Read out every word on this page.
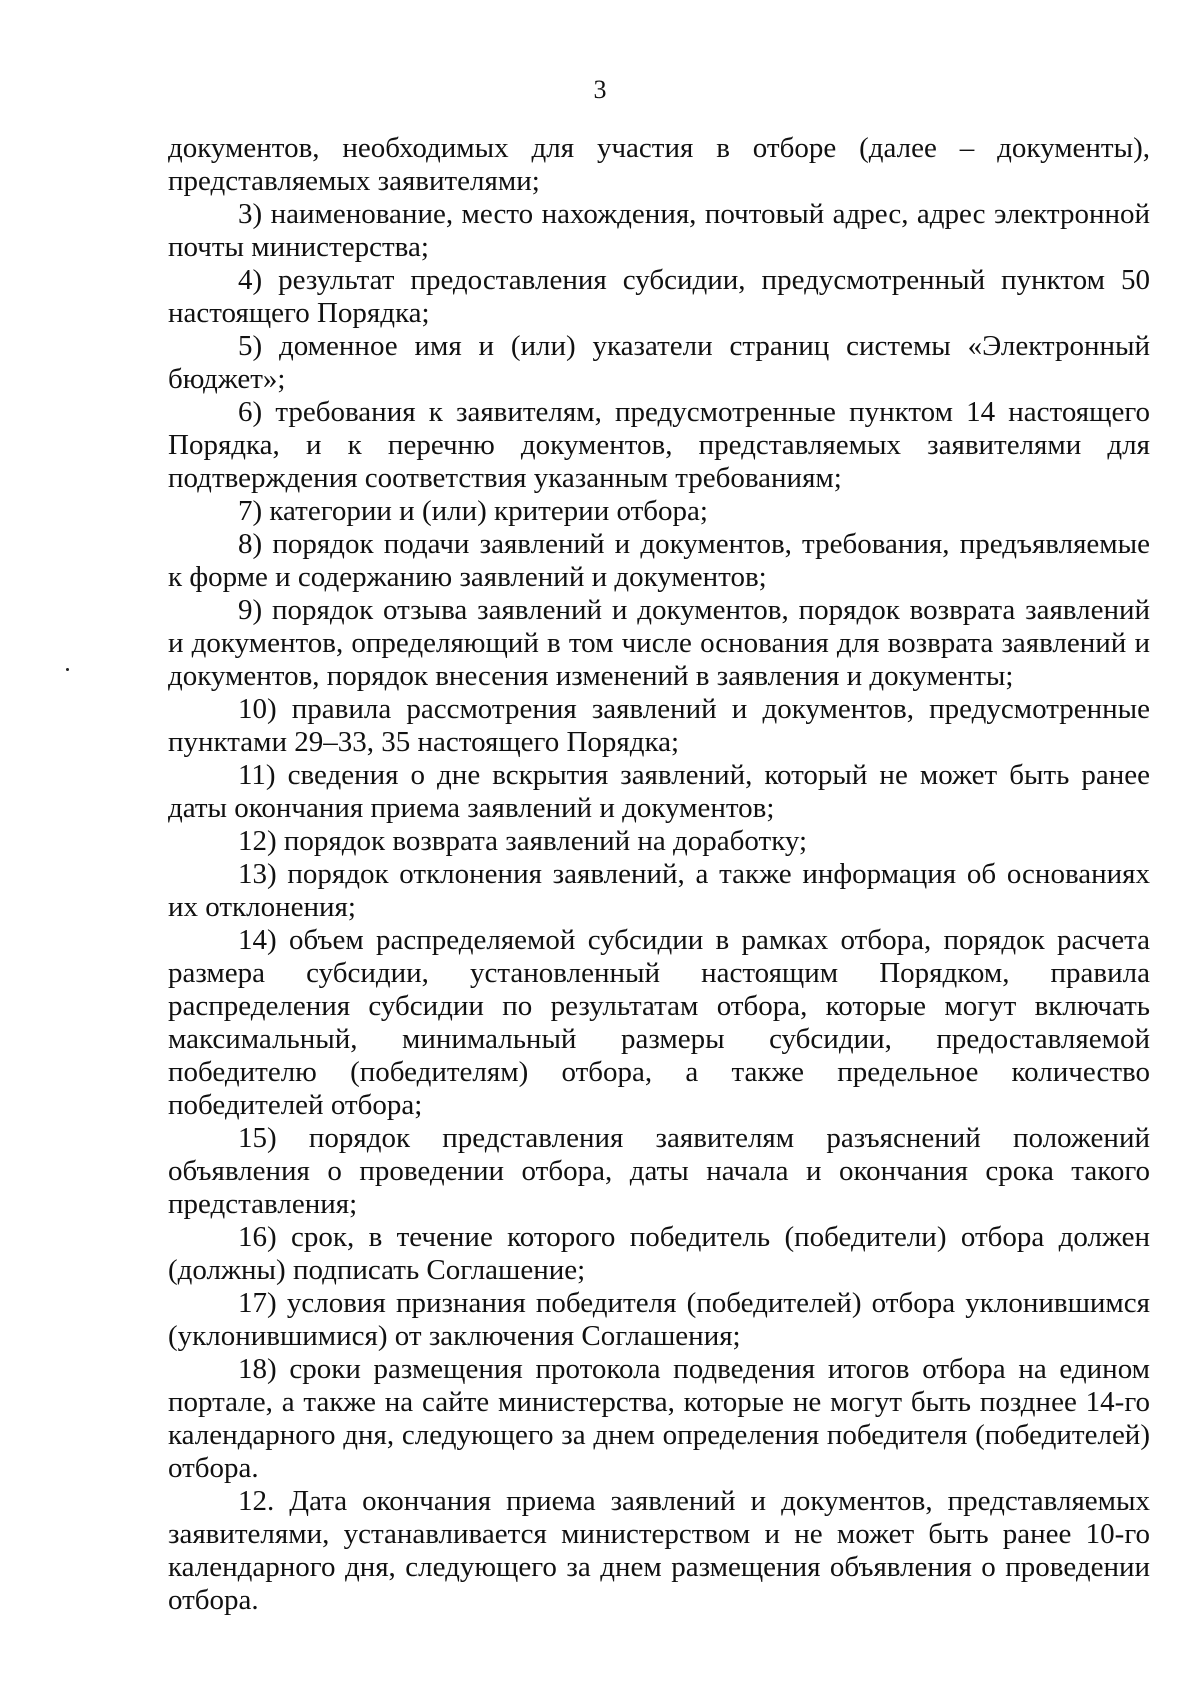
3

документов, необходимых для участия в отборе (далее – документы), представляемых заявителями;

3) наименование, место нахождения, почтовый адрес, адрес электронной почты министерства;

4) результат предоставления субсидии, предусмотренный пунктом 50 настоящего Порядка;

5) доменное имя и (или) указатели страниц системы «Электронный бюджет»;

6) требования к заявителям, предусмотренные пунктом 14 настоящего Порядка, и к перечню документов, представляемых заявителями для подтверждения соответствия указанным требованиям;

7) категории и (или) критерии отбора;

8) порядок подачи заявлений и документов, требования, предъявляемые к форме и содержанию заявлений и документов;

9) порядок отзыва заявлений и документов, порядок возврата заявлений и документов, определяющий в том числе основания для возврата заявлений и документов, порядок внесения изменений в заявления и документы;

10) правила рассмотрения заявлений и документов, предусмотренные пунктами 29–33, 35 настоящего Порядка;

11) сведения о дне вскрытия заявлений, который не может быть ранее даты окончания приема заявлений и документов;

12) порядок возврата заявлений на доработку;

13) порядок отклонения заявлений, а также информация об основаниях их отклонения;

14) объем распределяемой субсидии в рамках отбора, порядок расчета размера субсидии, установленный настоящим Порядком, правила распределения субсидии по результатам отбора, которые могут включать максимальный, минимальный размеры субсидии, предоставляемой победителю (победителям) отбора, а также предельное количество победителей отбора;

15) порядок представления заявителям разъяснений положений объявления о проведении отбора, даты начала и окончания срока такого представления;

16) срок, в течение которого победитель (победители) отбора должен (должны) подписать Соглашение;

17) условия признания победителя (победителей) отбора уклонившимся (уклонившимися) от заключения Соглашения;

18) сроки размещения протокола подведения итогов отбора на едином портале, а также на сайте министерства, которые не могут быть позднее 14-го календарного дня, следующего за днем определения победителя (победителей) отбора.

12. Дата окончания приема заявлений и документов, представляемых заявителями, устанавливается министерством и не может быть ранее 10-го календарного дня, следующего за днем размещения объявления о проведении отбора.
